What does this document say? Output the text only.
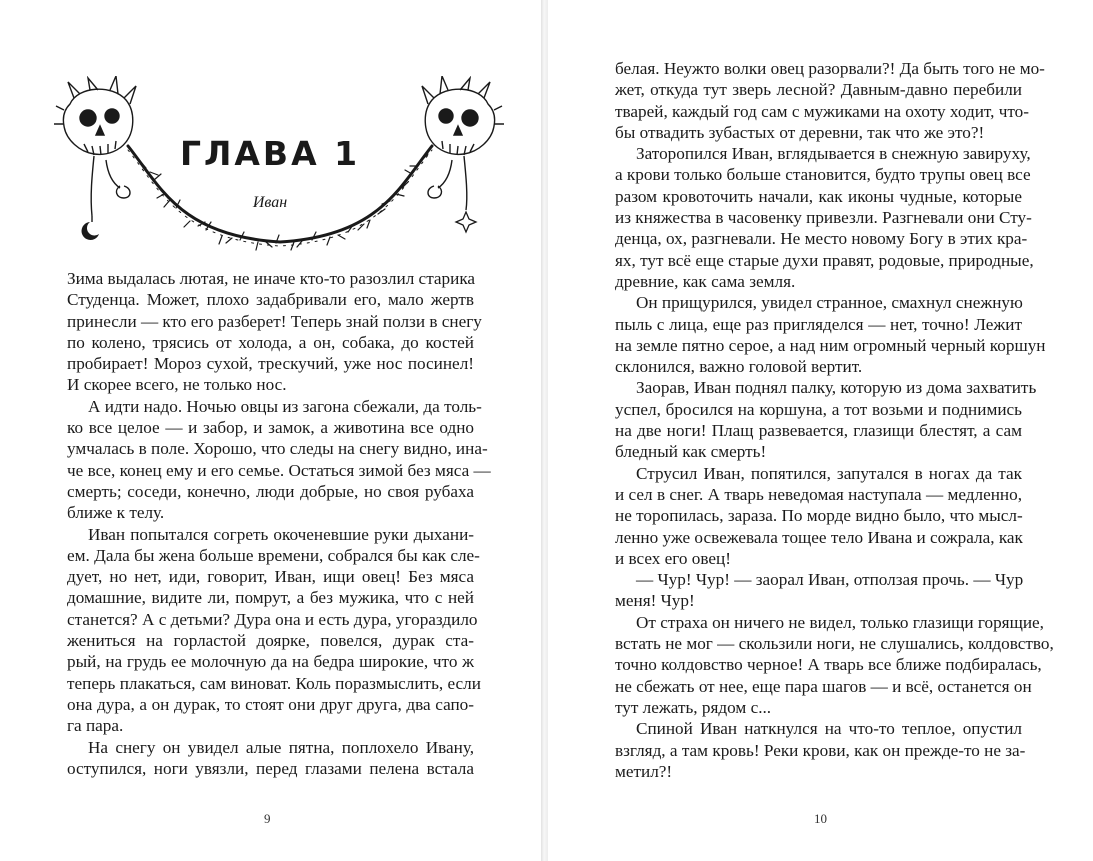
ГЛАВА 1
Иван
Зима выдалась лютая, не иначе кто-то разозлил старика
Студенца. Может, плохо задабривали его, мало жертв
принесли — кто его разберет! Теперь знай ползи в снегу
по колено, трясись от холода, а он, собака, до костей
пробирает! Мороз сухой, трескучий, уже нос посинел!
И скорее всего, не только нос.
А идти надо. Ночью овцы из загона сбежали, да толь-
ко все целое — и забор, и замок, а животина все одно
умчалась в поле. Хорошо, что следы на снегу видно, ина-
че все, конец ему и его семье. Остаться зимой без мяса —
смерть; соседи, конечно, люди добрые, но своя рубаха
ближе к телу.
Иван попытался согреть окоченевшие руки дыхани-
ем. Дала бы жена больше времени, собрался бы как сле-
дует, но нет, иди, говорит, Иван, ищи овец! Без мяса
домашние, видите ли, помрут, а без мужика, что с ней
станется? А с детьми? Дура она и есть дура, угораздило
жениться на горластой доярке, повелся, дурак ста-
рый, на грудь ее молочную да на бедра широкие, что ж
теперь плакаться, сам виноват. Коль поразмыслить, если
она дура, а он дурак, то стоят они друг друга, два сапо-
га пара.
На снегу он увидел алые пятна, поплохело Ивану,
оступился, ноги увязли, перед глазами пелена встала
9
белая. Неужто волки овец разорвали?! Да быть того не мо-
жет, откуда тут зверь лесной? Давным-давно перебили
тварей, каждый год сам с мужиками на охоту ходит, что-
бы отвадить зубастых от деревни, так что же это?!
Заторопился Иван, вглядывается в снежную завируху,
а крови только больше становится, будто трупы овец все
разом кровоточить начали, как иконы чудные, которые
из княжества в часовенку привезли. Разгневали они Сту-
денца, ох, разгневали. Не место новому Богу в этих кра-
ях, тут всё еще старые духи правят, родовые, природные,
древние, как сама земля.
Он прищурился, увидел странное, смахнул снежную
пыль с лица, еще раз пригляделся — нет, точно! Лежит
на земле пятно серое, а над ним огромный черный коршун
склонился, важно головой вертит.
Заорав, Иван поднял палку, которую из дома захватить
успел, бросился на коршуна, а тот возьми и поднимись
на две ноги! Плащ развевается, глазищи блестят, а сам
бледный как смерть!
Струсил Иван, попятился, запутался в ногах да так
и сел в снег. А тварь неведомая наступала — медленно,
не торопилась, зараза. По морде видно было, что мысл-
ленно уже освежевала тощее тело Ивана и сожрала, как
и всех его овец!
— Чур! Чур! — заорал Иван, отползая прочь. — Чур
меня! Чур!
От страха он ничего не видел, только глазищи горящие,
встать не мог — скользили ноги, не слушались, колдовство,
точно колдовство черное! А тварь все ближе подбиралась,
не сбежать от нее, еще пара шагов — и всё, останется он
тут лежать, рядом с...
Спиной Иван наткнулся на что-то теплое, опустил
взгляд, а там кровь! Реки крови, как он прежде-то не за-
метил?!
10
